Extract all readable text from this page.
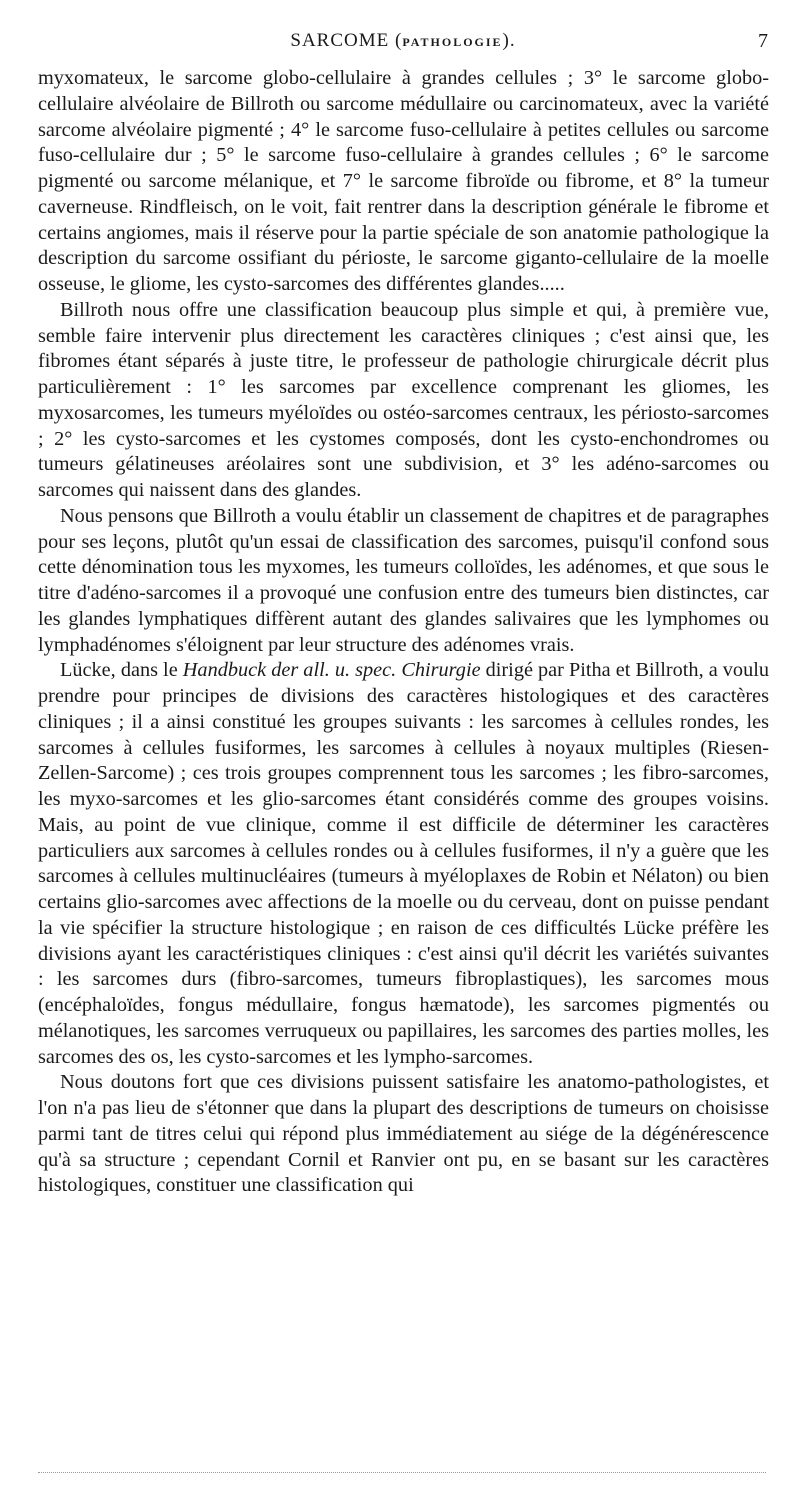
SARCOME (PATHOLOGIE).	7

myxomateux, le sarcome globo-cellulaire à grandes cellules ; 3° le sarcome globo-cellulaire alvéolaire de Billroth ou sarcome médullaire ou carcinomateux, avec la variété sarcome alvéolaire pigmenté ; 4° le sarcome fuso-cellulaire à petites cellules ou sarcome fuso-cellulaire dur ; 5° le sarcome fuso-cellulaire à grandes cellules ; 6° le sarcome pigmenté ou sarcome mélanique, et 7° le sarcome fibroïde ou fibrome, et 8° la tumeur caverneuse. Rindfleisch, on le voit, fait rentrer dans la description générale le fibrome et certains angiomes, mais il réserve pour la partie spéciale de son anatomie pathologique la description du sarcome ossifiant du périoste, le sarcome giganto-cellulaire de la moelle osseuse, le gliome, les cysto-sarcomes des différentes glandes.....

Billroth nous offre une classification beaucoup plus simple et qui, à première vue, semble faire intervenir plus directement les caractères cliniques ; c'est ainsi que, les fibromes étant séparés à juste titre, le professeur de pathologie chirurgicale décrit plus particulièrement : 1° les sarcomes par excellence comprenant les gliomes, les myxosarcomes, les tumeurs myéloïdes ou ostéo-sarcomes centraux, les périosto-sarcomes ; 2° les cysto-sarcomes et les cystomes composés, dont les cysto-enchondromes ou tumeurs gélatineuses aréolaires sont une subdivision, et 3° les adéno-sarcomes ou sarcomes qui naissent dans des glandes.

Nous pensons que Billroth a voulu établir un classement de chapitres et de paragraphes pour ses leçons, plutôt qu'un essai de classification des sarcomes, puisqu'il confond sous cette dénomination tous les myxomes, les tumeurs colloïdes, les adénomes, et que sous le titre d'adéno-sarcomes il a provoqué une confusion entre des tumeurs bien distinctes, car les glandes lymphatiques diffèrent autant des glandes salivaires que les lymphomes ou lymphadénomes s'éloignent par leur structure des adénomes vrais.

Lücke, dans le Handbuck der all. u. spec. Chirurgie dirigé par Pitha et Billroth, a voulu prendre pour principes de divisions des caractères histologiques et des caractères cliniques ; il a ainsi constitué les groupes suivants : les sarcomes à cellules rondes, les sarcomes à cellules fusiformes, les sarcomes à cellules à noyaux multiples (Riesen-Zellen-Sarcome) ; ces trois groupes comprennent tous les sarcomes ; les fibro-sarcomes, les myxo-sarcomes et les glio-sarcomes étant considérés comme des groupes voisins. Mais, au point de vue clinique, comme il est difficile de déterminer les caractères particuliers aux sarcomes à cellules rondes ou à cellules fusiformes, il n'y a guère que les sarcomes à cellules multinucléaires (tumeurs à myéloplaxes de Robin et Nélaton) ou bien certains glio-sarcomes avec affections de la moelle ou du cerveau, dont on puisse pendant la vie spécifier la structure histologique ; en raison de ces difficultés Lücke préfère les divisions ayant les caractéristiques cliniques : c'est ainsi qu'il décrit les variétés suivantes : les sarcomes durs (fibro-sarcomes, tumeurs fibroplastiques), les sarcomes mous (encéphaloïdes, fongus médullaire, fongus hæmatode), les sarcomes pigmentés ou mélanotiques, les sarcomes verruqueux ou papillaires, les sarcomes des parties molles, les sarcomes des os, les cysto-sarcomes et les lympho-sarcomes.

Nous doutons fort que ces divisions puissent satisfaire les anatomo-pathologistes, et l'on n'a pas lieu de s'étonner que dans la plupart des descriptions de tumeurs on choisisse parmi tant de titres celui qui répond plus immédiatement au siége de la dégénérescence qu'à sa structure ; cependant Cornil et Ranvier ont pu, en se basant sur les caractères histologiques, constituer une classification qui
